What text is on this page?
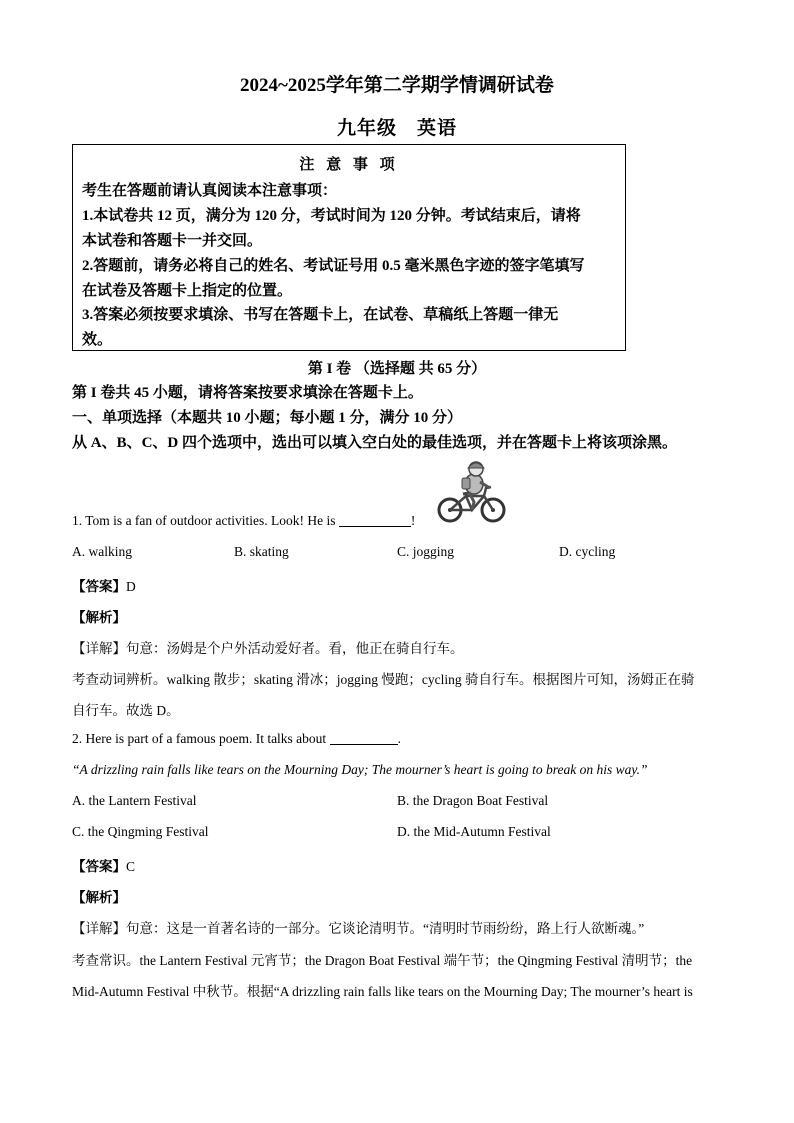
2024~2025学年第二学期学情调研试卷
九年级　英语
注 意 事 项
考生在答题前请认真阅读本注意事项：
1.本试卷共 12 页，满分为 120 分，考试时间为 120 分钟。考试结束后，请将
本试卷和答题卡一并交回。
2.答题前，请务必将自己的姓名、考试证号用 0.5 毫米黑色字迹的签字笔填写
在试卷及答题卡上指定的位置。
3.答案必须按要求填涂、书写在答题卡上，在试卷、草稿纸上答题一律无
效。
第 I 卷 （选择题 共 65 分）
第 I 卷共 45 小题，请将答案按要求填涂在答题卡上。
一、单项选择（本题共 10 小题；每小题 1 分，满分 10 分）
从 A、B、C、D 四个选项中，选出可以填入空白处的最佳选项，并在答题卡上将该项涂黑。
1. Tom is a fan of outdoor activities. Look! He is	!
A. walking	B. skating	C. jogging	D. cycling
【答案】D
【解析】
【详解】句意：汤姆是个户外活动爱好者。看，他正在骑自行车。
考查动词辨析。walking 散步；skating 滑冰；jogging 慢跑；cycling 骑自行车。根据图片可知，汤姆正在骑
自行车。故选 D。
2. Here is part of a famous poem. It talks about	.
“A drizzling rain falls like tears on the Mourning Day; The mourner’s heart is going to break on his way.”
A. the Lantern Festival	B. the Dragon Boat Festival
C. the Qingming Festival	D. the Mid-Autumn Festival
【答案】C
【解析】
【详解】句意：这是一首著名诗的一部分。它谈论清明节。“清明时节雨纷纷，路上行人欲断魂。”
考查常识。the Lantern Festival 元宵节；the Dragon Boat Festival 端午节；the Qingming Festival 清明节；the
Mid-Autumn Festival 中秋节。根据“A drizzling rain falls like tears on the Mourning Day; The mourner’s heart is
